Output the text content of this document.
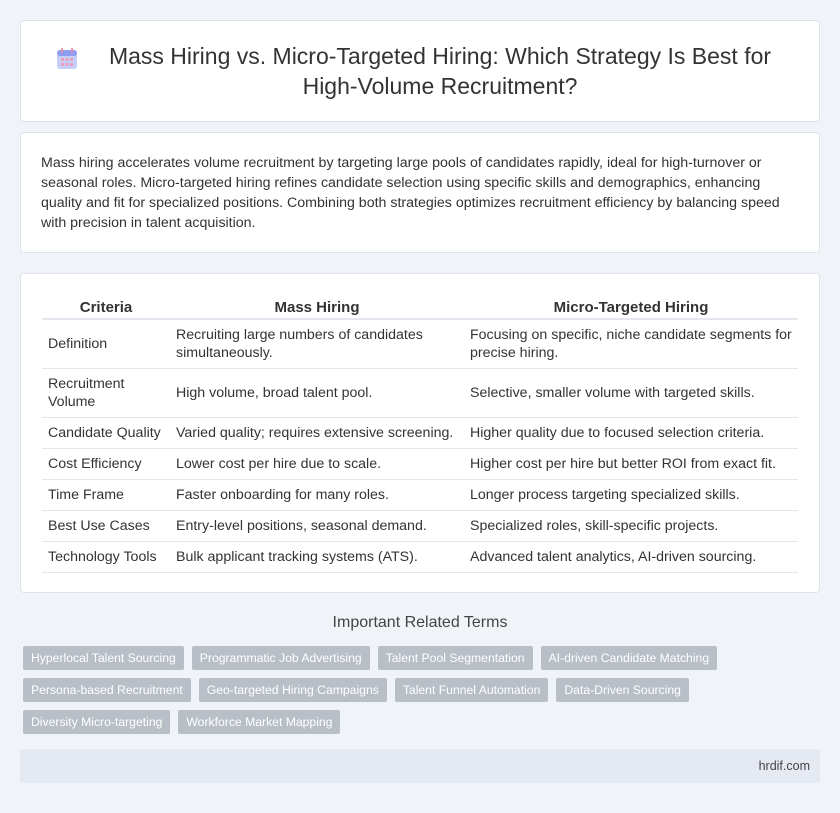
Mass Hiring vs. Micro-Targeted Hiring: Which Strategy Is Best for High-Volume Recruitment?

Mass hiring accelerates volume recruitment by targeting large pools of candidates rapidly, ideal for high-turnover or seasonal roles. Micro-targeted hiring refines candidate selection using specific skills and demographics, enhancing quality and fit for specialized positions. Combining both strategies optimizes recruitment efficiency by balancing speed with precision in talent acquisition.

Criteria	Mass Hiring	Micro-Targeted Hiring
Definition	Recruiting large numbers of candidates simultaneously.	Focusing on specific, niche candidate segments for precise hiring.
Recruitment Volume	High volume, broad talent pool.	Selective, smaller volume with targeted skills.
Candidate Quality	Varied quality; requires extensive screening.	Higher quality due to focused selection criteria.
Cost Efficiency	Lower cost per hire due to scale.	Higher cost per hire but better ROI from exact fit.
Time Frame	Faster onboarding for many roles.	Longer process targeting specialized skills.
Best Use Cases	Entry-level positions, seasonal demand.	Specialized roles, skill-specific projects.
Technology Tools	Bulk applicant tracking systems (ATS).	Advanced talent analytics, AI-driven sourcing.
Important Related Terms
Hyperlocal Talent Sourcing	Programmatic Job Advertising	Talent Pool Segmentation	AI-driven Candidate Matching
Persona-based Recruitment	Geo-targeted Hiring Campaigns	Talent Funnel Automation	Data-Driven Sourcing
Diversity Micro-targeting	Workforce Market Mapping
hrdif.com
